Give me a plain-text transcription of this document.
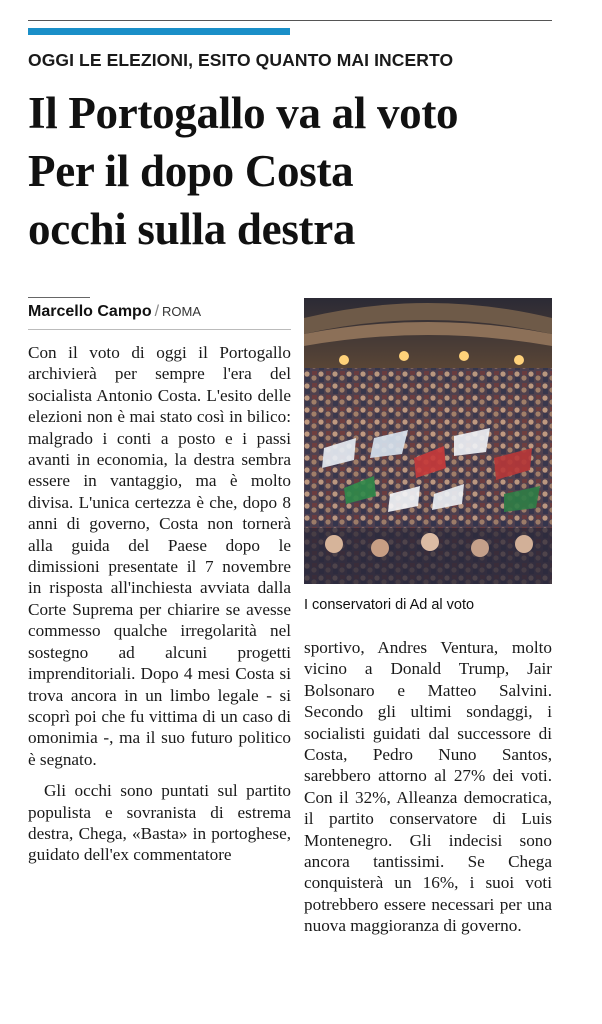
OGGI LE ELEZIONI, ESITO QUANTO MAI INCERTO
Il Portogallo va al voto
Per il dopo Costa
occhi sulla destra
Marcello Campo / ROMA

Con il voto di oggi il Portogallo archivierà per sempre l'era del socialista Antonio Costa. L'esito delle elezioni non è mai stato così in bilico: malgrado i conti a posto e i passi avanti in economia, la destra sembra essere in vantaggio, ma è molto divisa. L'unica certezza è che, dopo 8 anni di governo, Costa non tornerà alla guida del Paese dopo le dimissioni presentate il 7 novembre in risposta all'inchiesta avviata dalla Corte Suprema per chiarire se avesse commesso qualche irregolarità nel sostegno ad alcuni progetti imprenditoriali. Dopo 4 mesi Costa si trova ancora in un limbo legale - si scoprì poi che fu vittima di un caso di omonimia -, ma il suo futuro politico è segnato.

Gli occhi sono puntati sul partito populista e sovranista di estrema destra, Chega, «Basta» in portoghese, guidato dell'ex commentatore

I conservatori di Ad al voto

sportivo, Andres Ventura, molto vicino a Donald Trump, Jair Bolsonaro e Matteo Salvini. Secondo gli ultimi sondaggi, i socialisti guidati dal successore di Costa, Pedro Nuno Santos, sarebbero attorno al 27% dei voti. Con il 32%, Alleanza democratica, il partito conservatore di Luis Montenegro. Gli indecisi sono ancora tantissimi. Se Chega conquisterà un 16%, i suoi voti potrebbero essere necessari per una nuova maggioranza di governo.
